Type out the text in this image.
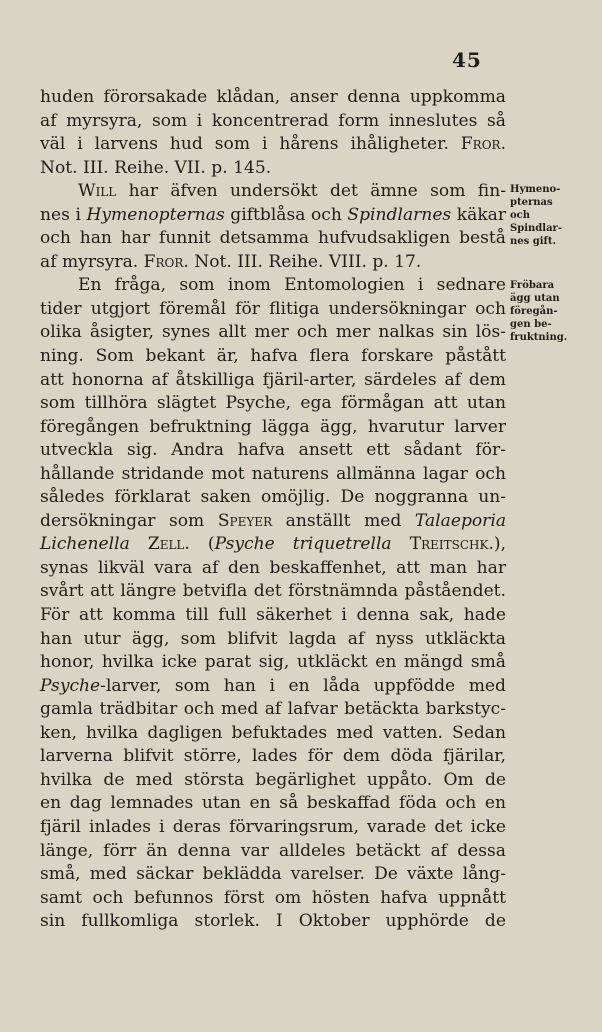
45
huden förorsakade klådan, anser denna uppkomma
af myrsyra, som i koncentrerad form inneslutes så
väl i larvens hud som i hårens ihåligheter. Fror.
Not. III. Reihe. VII. p. 145.
Will har äfven undersökt det ämne som fin-
nes i Hymenopternas giftblåsa och Spindlarnes käkar
och han har funnit detsamma hufvudsakligen bestå
af myrsyra. Fror. Not. III. Reihe. VIII. p. 17.
En fråga, som inom Entomologien i sednare
tider utgjort föremål för flitiga undersökningar och
olika åsigter, synes allt mer och mer nalkas sin lös-
ning. Som bekant är, hafva flera forskare påstått
att honorna af åtskilliga fjäril-arter, särdeles af dem
som tillhöra slägtet Psyche, ega förmågan att utan
föregången befruktning lägga ägg, hvarutur larver
utveckla sig. Andra hafva ansett ett sådant för-
hållande stridande mot naturens allmänna lagar och
således förklarat saken omöjlig. De noggranna un-
dersökningar som Speyer anställt med Talaeporia
Lichenella Zell. (Psyche triquetrella Treitschk.),
synas likväl vara af den beskaffenhet, att man har
svårt att längre betvifla det förstnämnda påståendet.
För att komma till full säkerhet i denna sak, hade
han utur ägg, som blifvit lagda af nyss utkläckta
honor, hvilka icke parat sig, utkläckt en mängd små
Psyche-larver, som han i en låda uppfödde med
gamla trädbitar och med af lafvar betäckta barkstyc-
ken, hvilka dagligen befuktades med vatten. Sedan
larverna blifvit större, lades för dem döda fjärilar,
hvilka de med största begärlighet uppåto. Om de
en dag lemnades utan en så beskaffad föda och en
fjäril inlades i deras förvaringsrum, varade det icke
länge, förr än denna var alldeles betäckt af dessa
små, med säckar beklädda varelser. De växte lång-
samt och befunnos först om hösten hafva uppnått
sin fullkomliga storlek. I Oktober upphörde de
Hymeno-
pternas
och
Spindlar-
nes gift.
Fröbara
ägg utan
föregån-
gen be-
fruktning.
